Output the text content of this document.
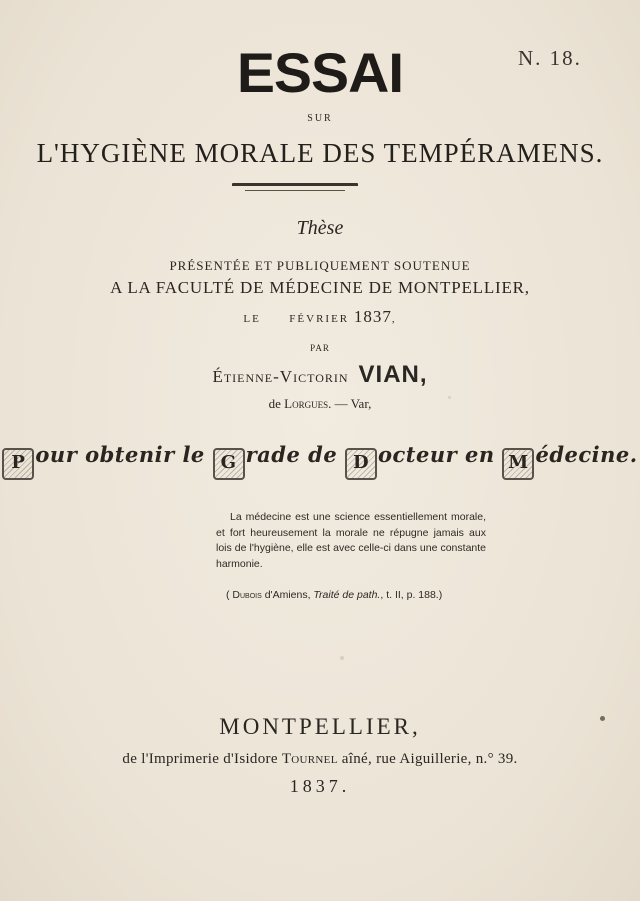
N. 18.
ESSAI
SUR
L'HYGIÈNE MORALE DES TEMPÉRAMENS.
Thèse
PRÉSENTÉE ET PUBLIQUEMENT SOUTENUE
A LA FACULTÉ DE MÉDECINE DE MONTPELLIER,
LE      FÉVRIER 1837,
PAR
Étienne-Victorin VIAN,
de Lorgues. — Var,
P our obtenir le G rade de D octeur en M édecine.
La médecine est une science essentiellement morale, et fort heureusement la morale ne répugne jamais aux lois de l'hygiène, elle est avec celle-ci dans une constante harmonie.
( Dubois d'Amiens, Traité de path., t. II, p. 188.)
MONTPELLIER,
de l'Imprimerie d'Isidore Tournel aîné, rue Aiguillerie, n.° 39.
1837.
